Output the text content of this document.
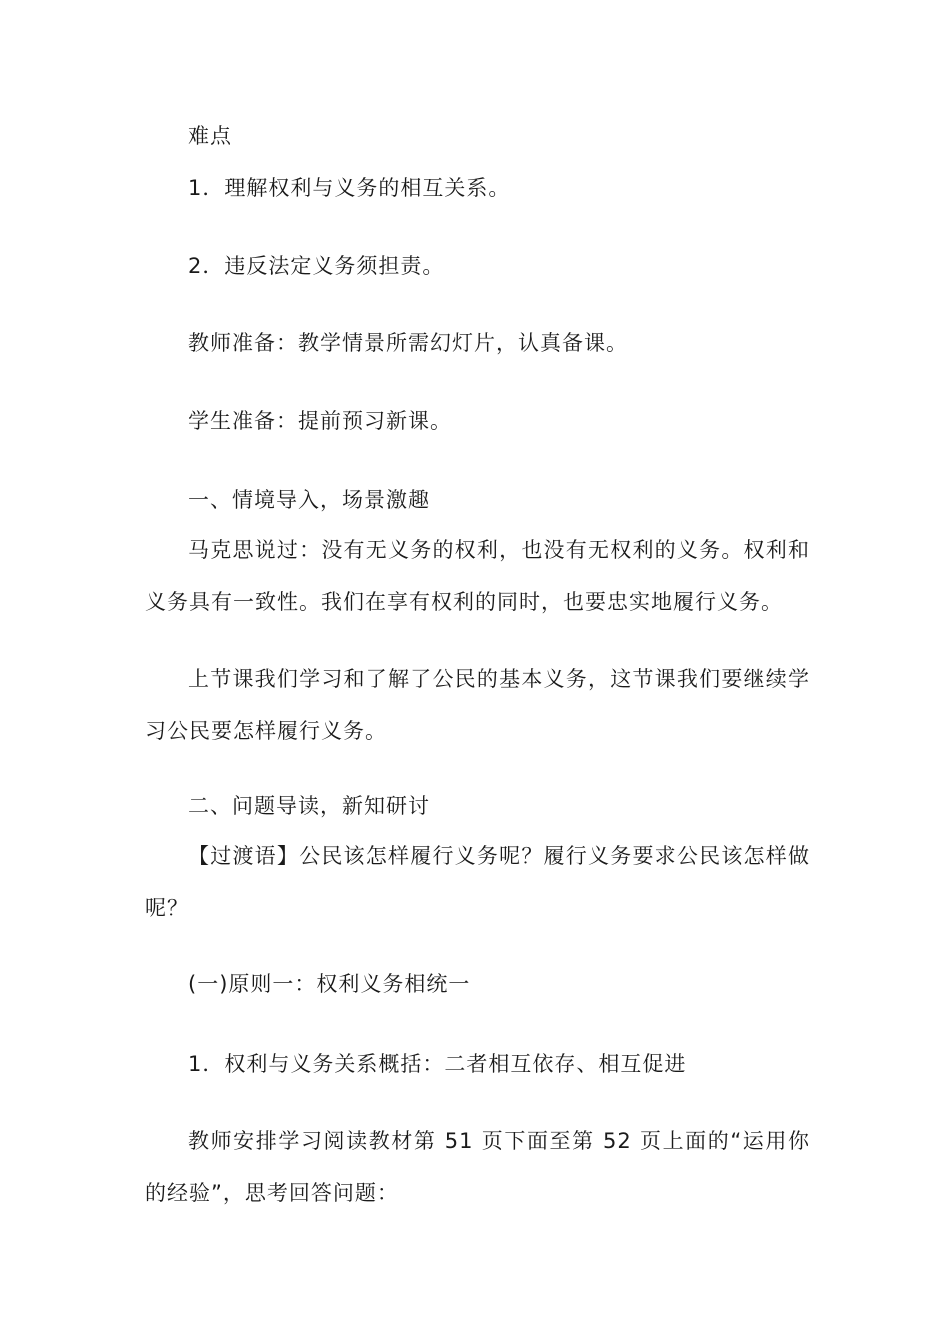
难点
1．理解权利与义务的相互关系。
2．违反法定义务须担责。
教师准备：教学情景所需幻灯片，认真备课。
学生准备：提前预习新课。
一、情境导入，场景激趣
马克思说过：没有无义务的权利，也没有无权利的义务。权利和义务具有一致性。我们在享有权利的同时，也要忠实地履行义务。
上节课我们学习和了解了公民的基本义务，这节课我们要继续学习公民要怎样履行义务。
二、问题导读，新知研讨
【过渡语】公民该怎样履行义务呢？履行义务要求公民该怎样做呢？
(一)原则一：权利义务相统一
1．权利与义务关系概括：二者相互依存、相互促进
教师安排学习阅读教材第 51 页下面至第 52 页上面的“运用你的经验”，思考回答问题：
